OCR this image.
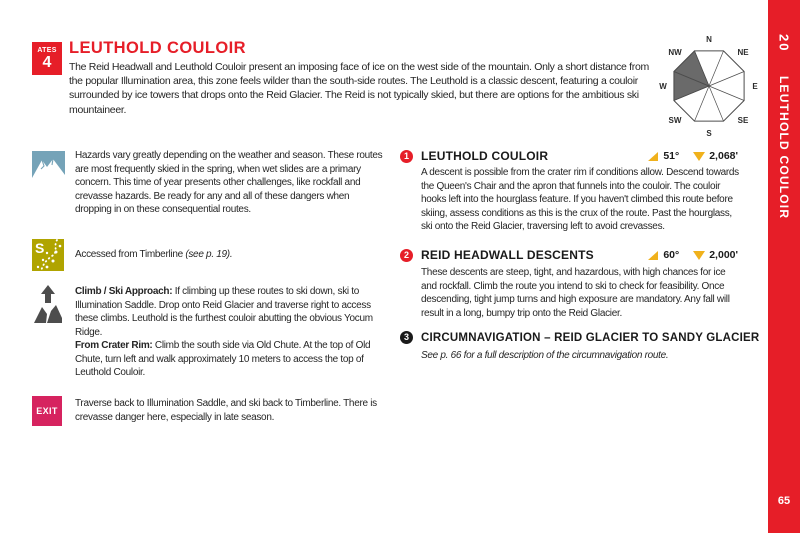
ATES
4
LEUTHOLD COULOIR
The Reid Headwall and Leuthold Couloir present an imposing face of ice on the west side of the mountain. Only a short distance from the popular Illumination area, this zone feels wilder than the south-side routes. The Leuthold is a classic descent, featuring a couloir surrounded by ice towers that drops onto the Reid Glacier. The Reid is not typically skied, but there are options for the ambitious ski mountaineer.
N
NE
E
SE
S
SW
W
NW
Hazards vary greatly depending on the weather and season. These routes are most frequently skied in the spring, when wet slides are a primary concern. This time of year presents other challenges, like rockfall and crevasse hazards. Be ready for any and all of these dangers when dropping in on these consequential routes.
S	Accessed from Timberline (see p. 19).

Climb / Ski Approach: If climbing up these routes to ski down, ski to Illumination Saddle. Drop onto Reid Glacier and traverse right to access these climbs. Leuthold is the furthest couloir abutting the obvious Yocum Ridge.

From Crater Rim: Climb the south side via Old Chute. At the top of Old Chute, turn left and walk approximately 10 meters to access the top of Leuthold Couloir.

EXIT
Traverse back to Illumination Saddle, and ski back to Timberline. There is crevasse danger here, especially in late season.
1	LEUTHOLD COULOIR	51°	2,068'
A descent is possible from the crater rim if conditions allow. Descend towards the Queen's Chair and the apron that funnels into the couloir. The couloir hooks left into the hourglass feature. If you haven't climbed this route before skiing, assess conditions as this is the crux of the route. Past the hourglass, ski onto the Reid Glacier, traversing left to avoid crevasses.
2	REID HEADWALL DESCENTS	60°	2,000'
These descents are steep, tight, and hazardous, with high chances for ice and rockfall. Climb the route you intend to ski to check for feasibility. Once descending, tight jump turns and high exposure are mandatory. Any fall will result in a long, bumpy trip onto the Reid Glacier.
3	CIRCUMNAVIGATION – REID GLACIER TO SANDY GLACIER
See p. 66 for a full description of the circumnavigation route.
20
LEUTHOLD COULOIR
65
